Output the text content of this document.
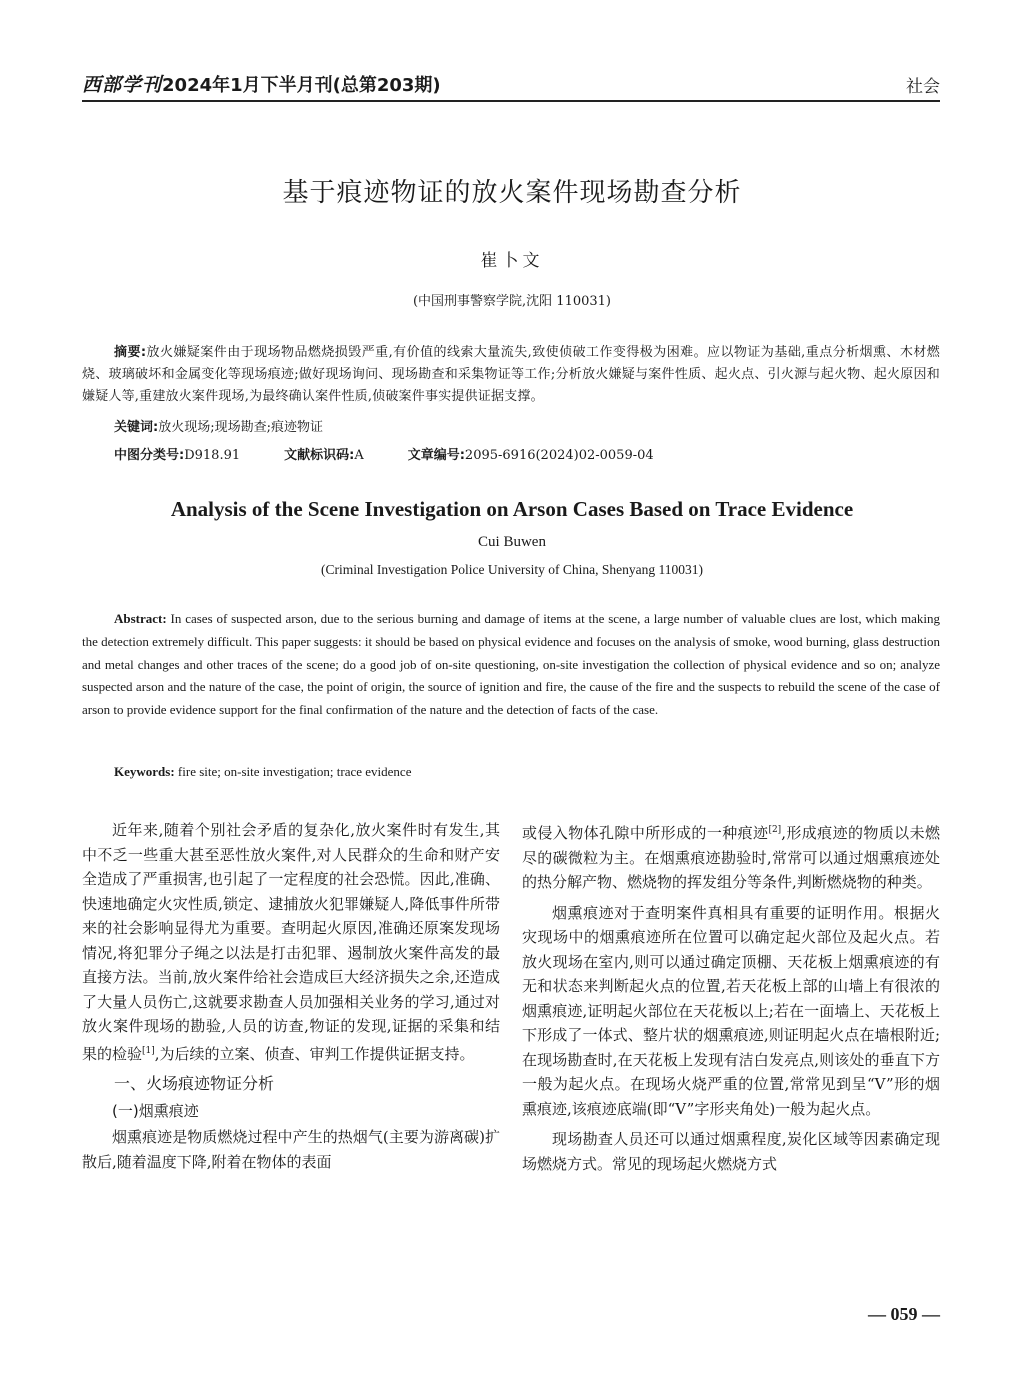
西部学刊2024年1月下半月刊(总第203期)	社会
基于痕迹物证的放火案件现场勘查分析
崔卜文
(中国刑事警察学院,沈阳 110031)
摘要:放火嫌疑案件由于现场物品燃烧损毁严重,有价值的线索大量流失,致使侦破工作变得极为困难。应以物证为基础,重点分析烟熏、木材燃烧、玻璃破坏和金属变化等现场痕迹;做好现场询问、现场勘查和采集物证等工作;分析放火嫌疑与案件性质、起火点、引火源与起火物、起火原因和嫌疑人等,重建放火案件现场,为最终确认案件性质,侦破案件事实提供证据支撑。
关键词:放火现场;现场勘查;痕迹物证
中图分类号:D918.91	文献标识码:A	文章编号:2095-6916(2024)02-0059-04
Analysis of the Scene Investigation on Arson Cases Based on Trace Evidence
Cui Buwen
(Criminal Investigation Police University of China, Shenyang 110031)
Abstract: In cases of suspected arson, due to the serious burning and damage of items at the scene, a large number of valuable clues are lost, which making the detection extremely difficult. This paper suggests: it should be based on physical evidence and focuses on the analysis of smoke, wood burning, glass destruction and metal changes and other traces of the scene; do a good job of on-site questioning, on-site investigation the collection of physical evidence and so on; analyze suspected arson and the nature of the case, the point of origin, the source of ignition and fire, the cause of the fire and the suspects to rebuild the scene of the case of arson to provide evidence support for the final confirmation of the nature and the detection of facts of the case.
Keywords: fire site; on-site investigation; trace evidence

近年来,随着个别社会矛盾的复杂化,放火案件时有发生,其中不乏一些重大甚至恶性放火案件,对人民群众的生命和财产安全造成了严重损害,也引起了一定程度的社会恐慌。因此,准确、快速地确定火灾性质,锁定、逮捕放火犯罪嫌疑人,降低事件所带来的社会影响显得尤为重要。查明起火原因,准确还原案发现场情况,将犯罪分子绳之以法是打击犯罪、遏制放火案件高发的最直接方法。当前,放火案件给社会造成巨大经济损失之余,还造成了大量人员伤亡,这就要求勘查人员加强相关业务的学习,通过对放火案件现场的勘验,人员的访查,物证的发现,证据的采集和结果的检验[1],为后续的立案、侦查、审判工作提供证据支持。

一、火场痕迹物证分析
(一)烟熏痕迹

烟熏痕迹是物质燃烧过程中产生的热烟气(主要为游离碳)扩散后,随着温度下降,附着在物体的表面

或侵入物体孔隙中所形成的一种痕迹[2],形成痕迹的物质以未燃尽的碳微粒为主。在烟熏痕迹勘验时,常常可以通过烟熏痕迹处的热分解产物、燃烧物的挥发组分等条件,判断燃烧物的种类。

烟熏痕迹对于查明案件真相具有重要的证明作用。根据火灾现场中的烟熏痕迹所在位置可以确定起火部位及起火点。若放火现场在室内,则可以通过确定顶棚、天花板上烟熏痕迹的有无和状态来判断起火点的位置,若天花板上部的山墙上有很浓的烟熏痕迹,证明起火部位在天花板以上;若在一面墙上、天花板上下形成了一体式、整片状的烟熏痕迹,则证明起火点在墙根附近;在现场勘查时,在天花板上发现有洁白发亮点,则该处的垂直下方一般为起火点。在现场火烧严重的位置,常常见到呈“V”形的烟熏痕迹,该痕迹底端(即“V”字形夹角处)一般为起火点。

现场勘查人员还可以通过烟熏程度,炭化区域等因素确定现场燃烧方式。常见的现场起火燃烧方式

— 059 —
